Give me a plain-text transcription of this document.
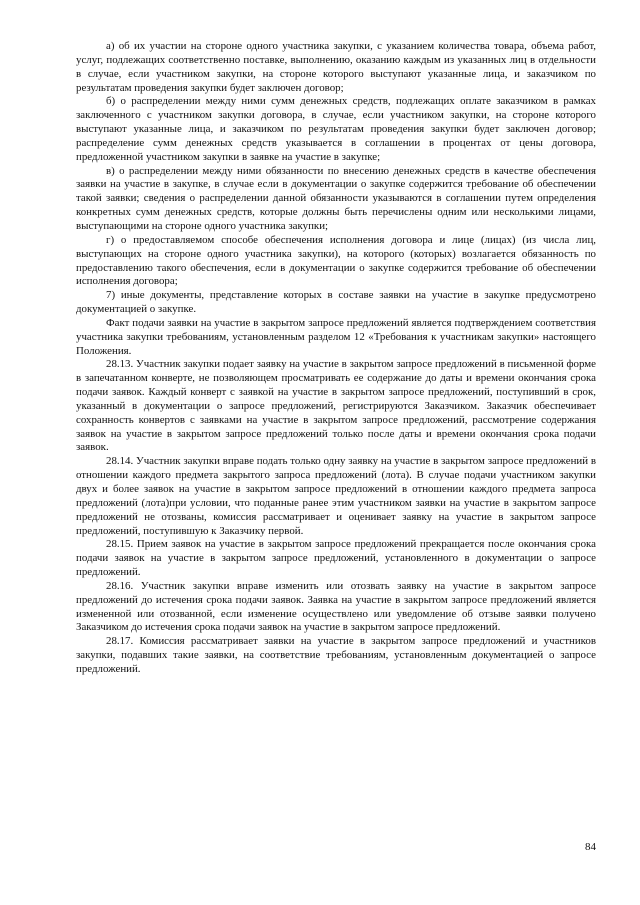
а) об их участии на стороне одного участника закупки, с указанием количества товара, объема работ, услуг, подлежащих соответственно поставке, выполнению, оказанию каждым из указанных лиц в отдельности в случае, если участником закупки, на стороне которого выступают указанные лица, и заказчиком по результатам проведения закупки будет заключен договор;

б) о распределении между ними сумм денежных средств, подлежащих оплате заказчиком в рамках заключенного с участником закупки договора, в случае, если участником закупки, на стороне которого выступают указанные лица, и заказчиком по результатам проведения закупки будет заключен договор; распределение сумм денежных средств указывается в соглашении в процентах от цены договора, предложенной участником закупки в заявке на участие в закупке;

в) о распределении между ними обязанности по внесению денежных средств в качестве обеспечения заявки на участие в закупке, в случае если в документации о закупке содержится требование об обеспечении такой заявки; сведения о распределении данной обязанности указываются в соглашении путем определения конкретных сумм денежных средств, которые должны быть перечислены одним или несколькими лицами, выступающими на стороне одного участника закупки;

г) о предоставляемом способе обеспечения исполнения договора и лице (лицах) (из числа лиц, выступающих на стороне одного участника закупки), на которого (которых) возлагается обязанность по предоставлению такого обеспечения, если в документации о закупке содержится требование об обеспечении исполнения договора;

7) иные документы, представление которых в составе заявки на участие в закупке предусмотрено документацией о закупке.

Факт подачи заявки на участие в закрытом запросе предложений является подтверждением соответствия участника закупки требованиям, установленным разделом 12 «Требования к участникам закупки» настоящего Положения.

28.13. Участник закупки подает заявку на участие в закрытом запросе предложений в письменной форме в запечатанном конверте, не позволяющем просматривать ее содержание до даты и времени окончания срока подачи заявок. Каждый конверт с заявкой на участие в закрытом запросе предложений, поступивший в срок, указанный в документации о запросе предложений, регистрируются Заказчиком. Заказчик обеспечивает сохранность конвертов с заявками на участие в закрытом запросе предложений, рассмотрение содержания заявок на участие в закрытом запросе предложений только после даты и времени окончания срока подачи заявок.

28.14. Участник закупки вправе подать только одну заявку на участие в закрытом запросе предложений в отношении каждого предмета закрытого запроса предложений (лота). В случае подачи участником закупки двух и более заявок на участие в закрытом запросе предложений в отношении каждого предмета запроса предложений (лота)при условии, что поданные ранее этим участником заявки на участие в закрытом запросе предложений не отозваны, комиссия рассматривает и оценивает заявку на участие в закрытом запросе предложений, поступившую к Заказчику первой.

28.15. Прием заявок на участие в закрытом запросе предложений прекращается после окончания срока подачи заявок на участие в закрытом запросе предложений, установленного в документации о запросе предложений.

28.16. Участник закупки вправе изменить или отозвать заявку на участие в закрытом запросе предложений до истечения срока подачи заявок. Заявка на участие в закрытом запросе предложений является измененной или отозванной, если изменение осуществлено или уведомление об отзыве заявки получено Заказчиком до истечения срока подачи заявок на участие в закрытом запросе предложений.

28.17. Комиссия рассматривает заявки на участие в закрытом запросе предложений и участников закупки, подавших такие заявки, на соответствие требованиям, установленным документацией о запросе предложений.

84
